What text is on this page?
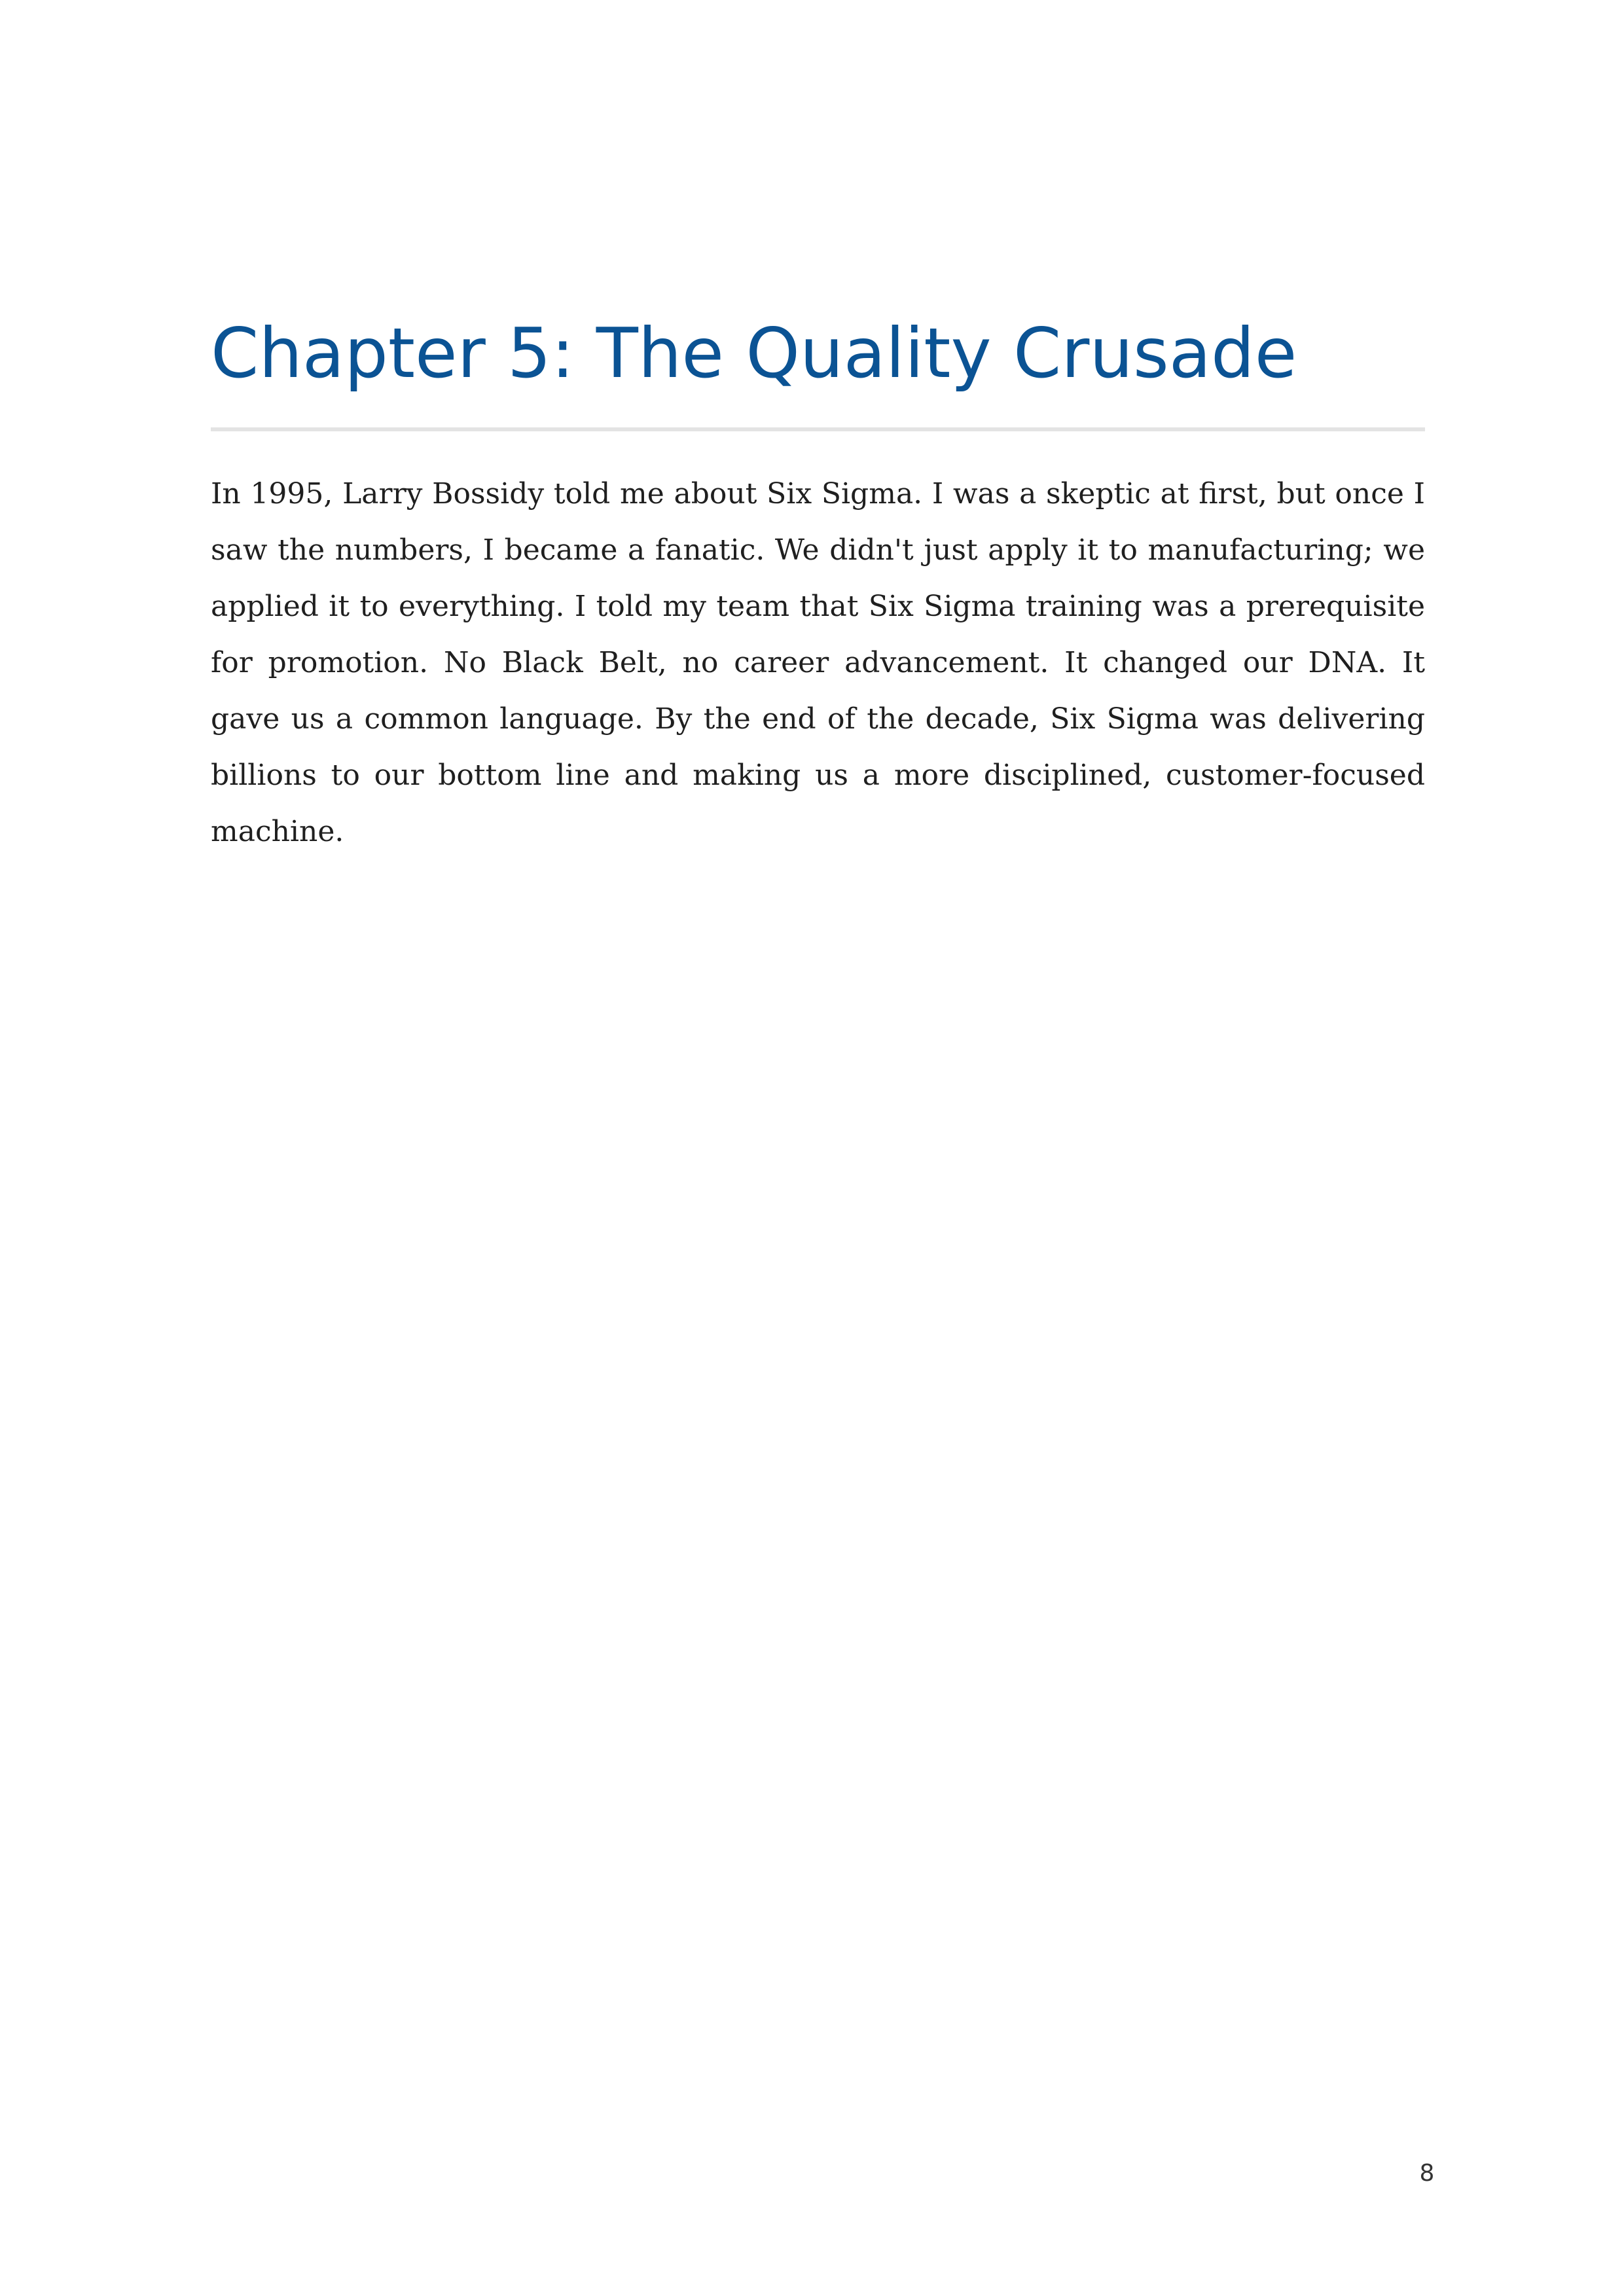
Chapter 5: The Quality Crusade

In 1995, Larry Bossidy told me about Six Sigma. I was a skeptic at first, but once I saw the numbers, I became a fanatic. We didn't just apply it to manufacturing; we applied it to everything. I told my team that Six Sigma training was a prerequisite for promotion. No Black Belt, no career advancement. It changed our DNA. It gave us a common language. By the end of the decade, Six Sigma was delivering billions to our bottom line and making us a more disciplined, customer-focused machine.

8
